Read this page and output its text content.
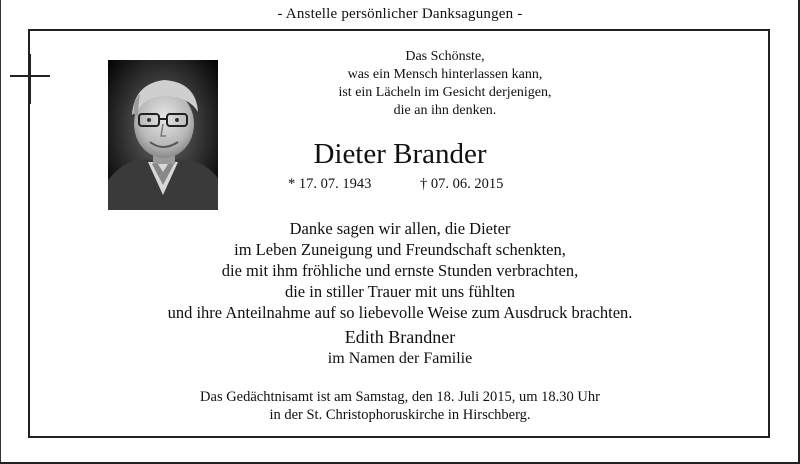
- Anstelle persönlicher Danksagungen -
Das Schönste,
was ein Mensch hinterlassen kann,
ist ein Lächeln im Gesicht derjenigen,
die an ihn denken.
Dieter Brander
* 17. 07. 1943	† 07. 06. 2015
Danke sagen wir allen, die Dieter
im Leben Zuneigung und Freundschaft schenkten,
die mit ihm fröhliche und ernste Stunden verbrachten,
die in stiller Trauer mit uns fühlten
und ihre Anteilnahme auf so liebevolle Weise zum Ausdruck brachten.
Edith Brandner
im Namen der Familie
Das Gedächtnisamt ist am Samstag, den 18. Juli 2015, um 18.30 Uhr
in der St. Christophoruskirche in Hirschberg.
